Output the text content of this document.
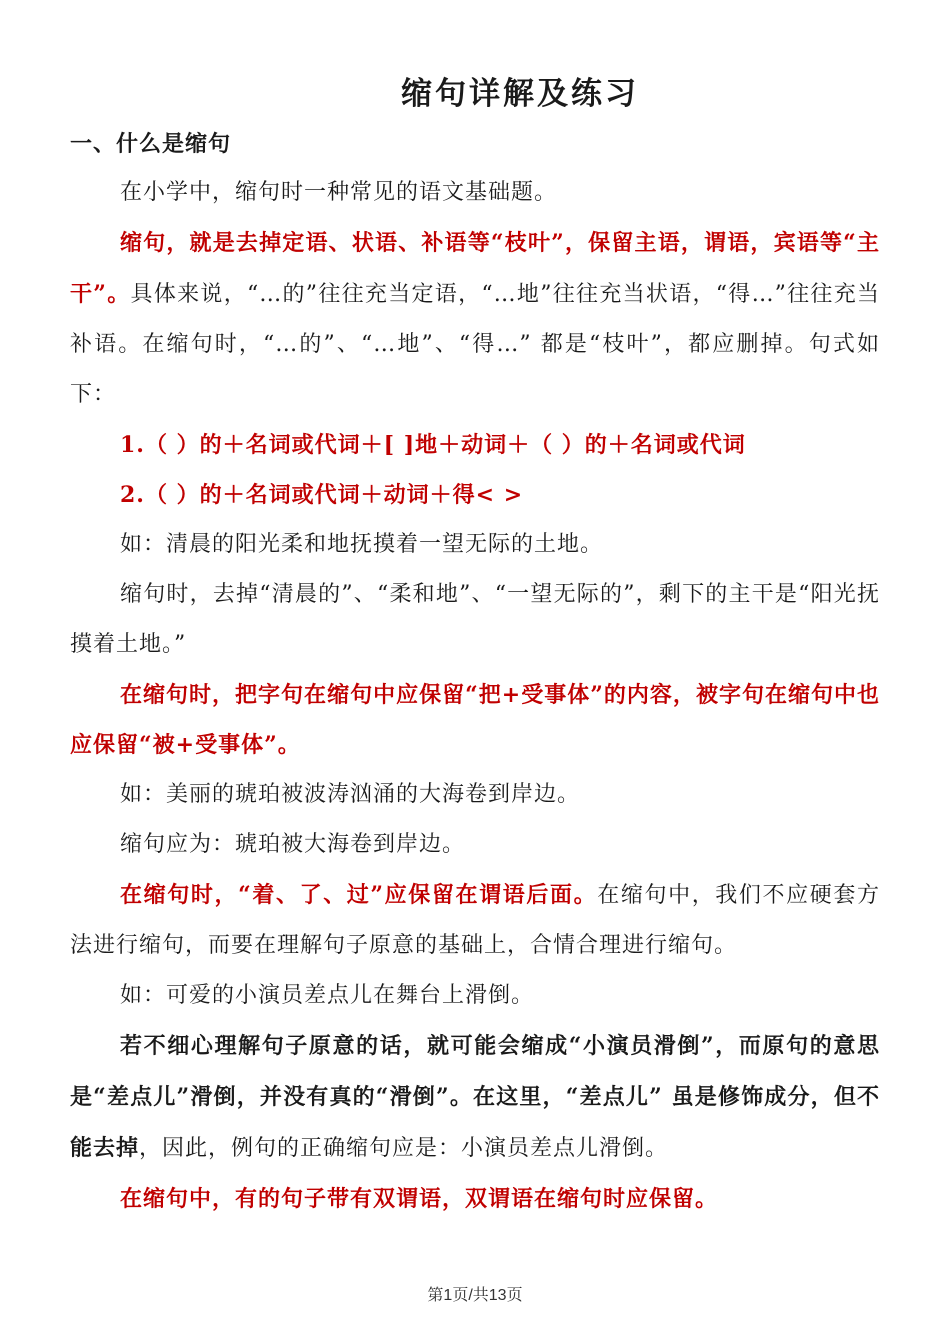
缩句详解及练习

一、什么是缩句

在小学中，缩句时一种常见的语文基础题。

缩句，就是去掉定语、状语、补语等“枝叶”，保留主语，谓语，宾语等“主干”。具体来说，“…的”往往充当定语，“…地”往往充当状语，“得…”往往充当补语。在缩句时，“…的”、“…地”、“得…” 都是“枝叶”，都应删掉。句式如下：

1.（ ）的＋名词或代词＋[ ]地＋动词＋（ ）的＋名词或代词

2.（ ）的＋名词或代词＋动词＋得< >

如：清晨的阳光柔和地抚摸着一望无际的土地。

缩句时，去掉“清晨的”、“柔和地”、“一望无际的”，剩下的主干是“阳光抚摸着土地。”

在缩句时，把字句在缩句中应保留“把+受事体”的内容，被字句在缩句中也应保留“被+受事体”。

如：美丽的琥珀被波涛汹涌的大海卷到岸边。

缩句应为：琥珀被大海卷到岸边。

在缩句时，“着、了、过”应保留在谓语后面。在缩句中，我们不应硬套方法进行缩句，而要在理解句子原意的基础上，合情合理进行缩句。

如：可爱的小演员差点儿在舞台上滑倒。

若不细心理解句子原意的话，就可能会缩成“小演员滑倒”，而原句的意思是“差点儿”滑倒，并没有真的“滑倒”。在这里，“差点儿” 虽是修饰成分，但不能去掉，因此，例句的正确缩句应是：小演员差点儿滑倒。

在缩句中，有的句子带有双谓语，双谓语在缩句时应保留。

第1页/共13页
